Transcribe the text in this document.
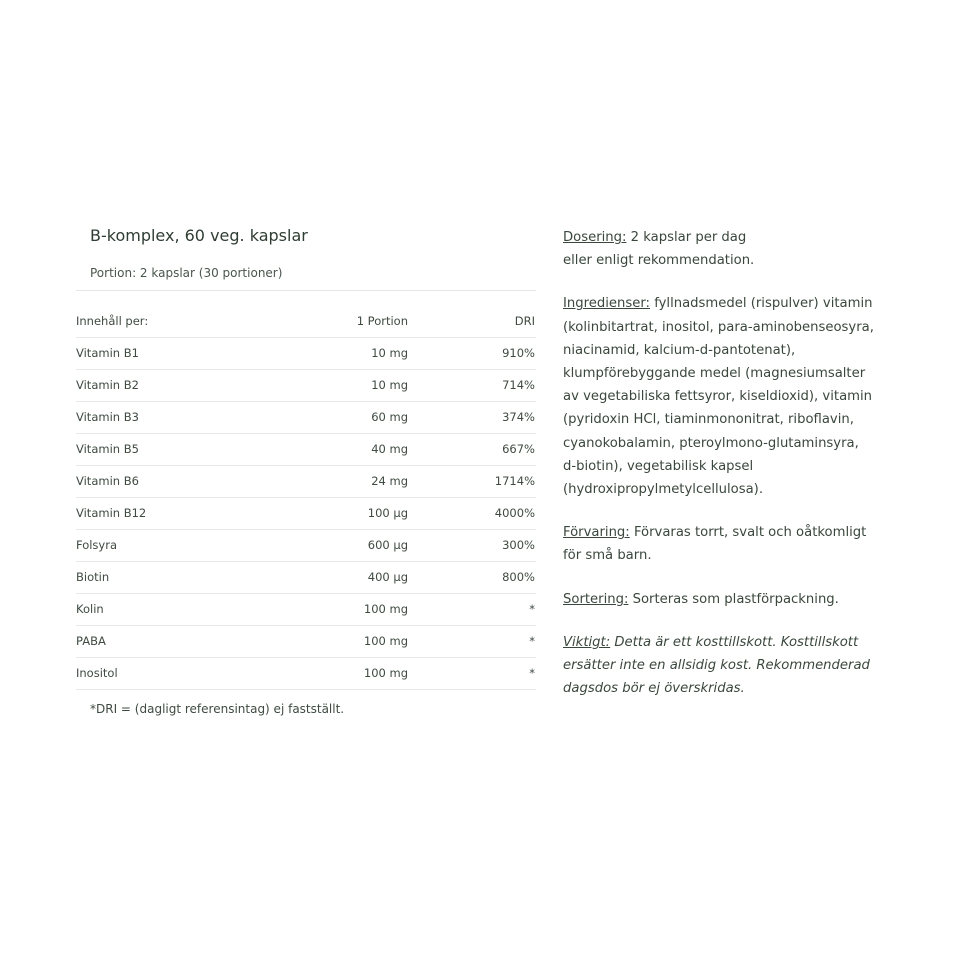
B-komplex, 60 veg. kapslar
Portion: 2 kapslar (30 portioner)
Innehåll per:	1 Portion	DRI
Vitamin B1	10 mg	910%
Vitamin B2	10 mg	714%
Vitamin B3	60 mg	374%
Vitamin B5	40 mg	667%
Vitamin B6	24 mg	1714%
Vitamin B12	100 µg	4000%
Folsyra	600 µg	300%
Biotin	400 µg	800%
Kolin	100 mg	*
PABA	100 mg	*
Inositol	100 mg	*
*DRI = (dagligt referensintag) ej fastställt.

Dosering: 2 kapslar per dag
eller enligt rekommendation.

Ingredienser: fyllnadsmedel (rispulver) vitamin
(kolinbitartrat, inositol, para-aminobenseosyra,
niacinamid, kalcium-d-pantotenat),
klumpförebyggande medel (magnesiumsalter
av vegetabiliska fettsyror, kiseldioxid), vitamin
(pyridoxin HCl, tiaminmononitrat, riboflavin,
cyanokobalamin, pteroylmono-glutaminsyra,
d-biotin), vegetabilisk kapsel
(hydroxipropylmetylcellulosa).

Förvaring: Förvaras torrt, svalt och oåtkomligt
för små barn.

Sortering: Sorteras som plastförpackning.

Viktigt: Detta är ett kosttillskott. Kosttillskott
ersätter inte en allsidig kost. Rekommenderad
dagsdos bör ej överskridas.
